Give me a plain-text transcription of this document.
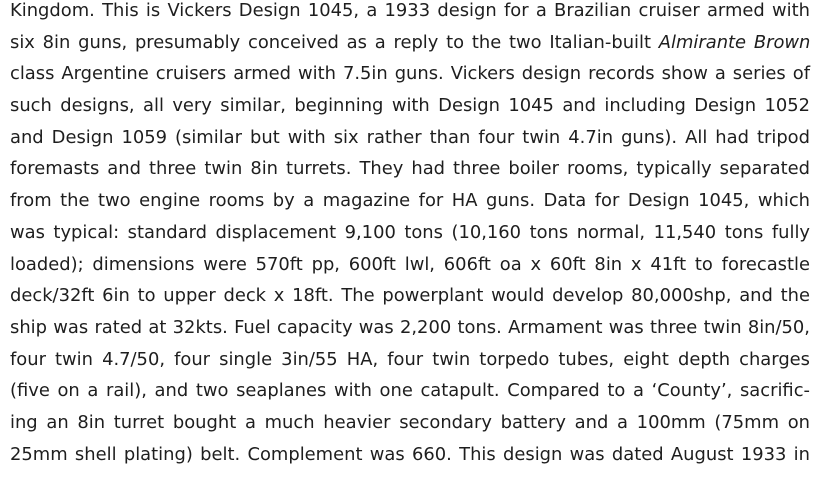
Kingdom. This is Vickers Design 1045, a 1933 design for a Brazilian cruiser armed with
six 8in guns, presumably conceived as a reply to the two Italian-built Almirante Brown
class Argentine cruisers armed with 7.5in guns. Vickers design records show a series of
such designs, all very similar, beginning with Design 1045 and including Design 1052
and Design 1059 (similar but with six rather than four twin 4.7in guns). All had tripod
foremasts and three twin 8in turrets. They had three boiler rooms, typically separated
from the two engine rooms by a magazine for HA guns. Data for Design 1045, which
was typical: standard displacement 9,100 tons (10,160 tons normal, 11,540 tons fully
loaded); dimensions were 570ft pp, 600ft lwl, 606ft oa x 60ft 8in x 41ft to forecastle
deck/32ft 6in to upper deck x 18ft. The powerplant would develop 80,000shp, and the
ship was rated at 32kts. Fuel capacity was 2,200 tons. Armament was three twin 8in/50,
four twin 4.7/50, four single 3in/55 HA, four twin torpedo tubes, eight depth charges
(five on a rail), and two seaplanes with one catapult. Compared to a ‘County’, sacrific-
ing an 8in turret bought a much heavier secondary battery and a 100mm (75mm on
25mm shell plating) belt. Complement was 660. This design was dated August 1933 in
